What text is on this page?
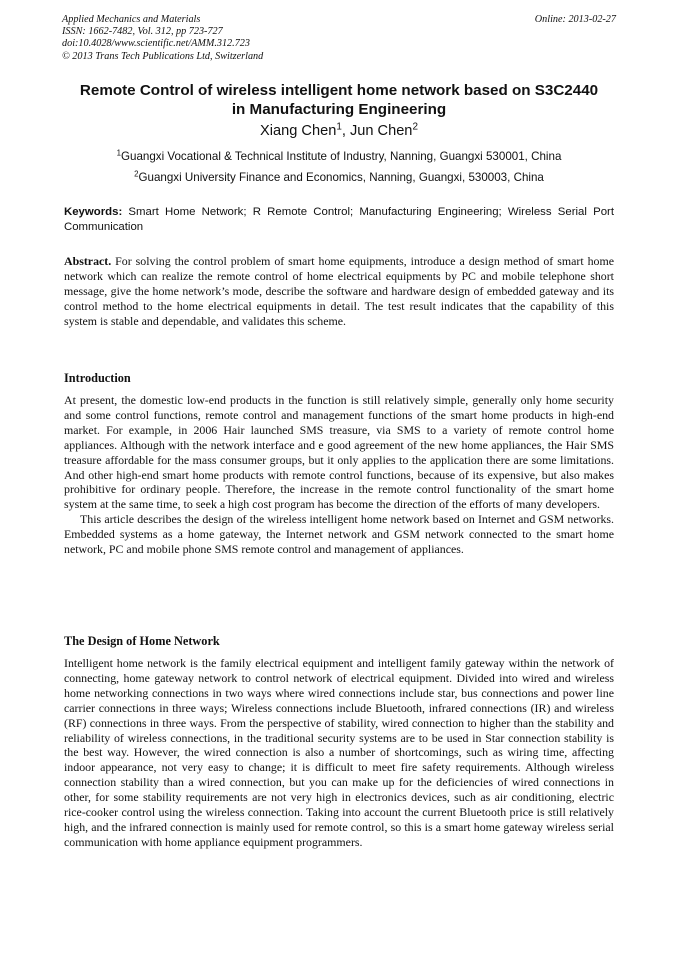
Applied Mechanics and Materials
ISSN: 1662-7482, Vol. 312, pp 723-727
doi:10.4028/www.scientific.net/AMM.312.723
© 2013 Trans Tech Publications Ltd, Switzerland
Online: 2013-02-27
Remote Control of wireless intelligent home network based on S3C2440
in Manufacturing Engineering
Xiang Chen$^1$, Jun Chen$^2$
$^1$Guangxi Vocational & Technical Institute of Industry, Nanning, Guangxi 530001, China
$^2$Guangxi University Finance and Economics, Nanning, Guangxi, 530003, China
Keywords: Smart Home Network; R Remote Control; Manufacturing Engineering; Wireless Serial Port Communication
Abstract. For solving the control problem of smart home equipments, introduce a design method of smart home network which can realize the remote control of home electrical equipments by PC and mobile telephone short message, give the home network’s mode, describe the software and hardware design of embedded gateway and its control method to the home electrical equipments in detail. The test result indicates that the capability of this system is stable and dependable, and validates this scheme.
Introduction

At present, the domestic low-end products in the function is still relatively simple, generally only home security and some control functions, remote control and management functions of the smart home products in high-end market. For example, in 2006 Hair launched SMS treasure, via SMS to a variety of remote control home appliances. Although with the network interface and e good agreement of the new home appliances, the Hair SMS treasure affordable for the mass consumer groups, but it only applies to the application there are some limitations. And other high-end smart home products with remote control functions, because of its expensive, but also makes prohibitive for ordinary people. Therefore, the increase in the remote control functionality of the smart home system at the same time, to seek a high cost program has become the direction of the efforts of many developers.

This article describes the design of the wireless intelligent home network based on Internet and GSM networks. Embedded systems as a home gateway, the Internet network and GSM network connected to the smart home network, PC and mobile phone SMS remote control and management of appliances.

The Design of Home Network

Intelligent home network is the family electrical equipment and intelligent family gateway within the network of connecting, home gateway network to control network of electrical equipment. Divided into wired and wireless home networking connections in two ways where wired connections include star, bus connections and power line carrier connections in three ways; Wireless connections include Bluetooth, infrared connections (IR) and wireless (RF) connections in three ways. From the perspective of stability, wired connection to higher than the stability and reliability of wireless connections, in the traditional security systems are to be used in Star connection stability is the best way. However, the wired connection is also a number of shortcomings, such as wiring time, affecting indoor appearance, not very easy to change; it is difficult to meet fire safety requirements. Although wireless connection stability than a wired connection, but you can make up for the deficiencies of wired connections in other, for some stability requirements are not very high in electronics devices, such as air conditioning, electric rice-cooker control using the wireless connection. Taking into account the current Bluetooth price is still relatively high, and the infrared connection is mainly used for remote control, so this is a smart home gateway wireless serial communication with home appliance equipment programmers.
